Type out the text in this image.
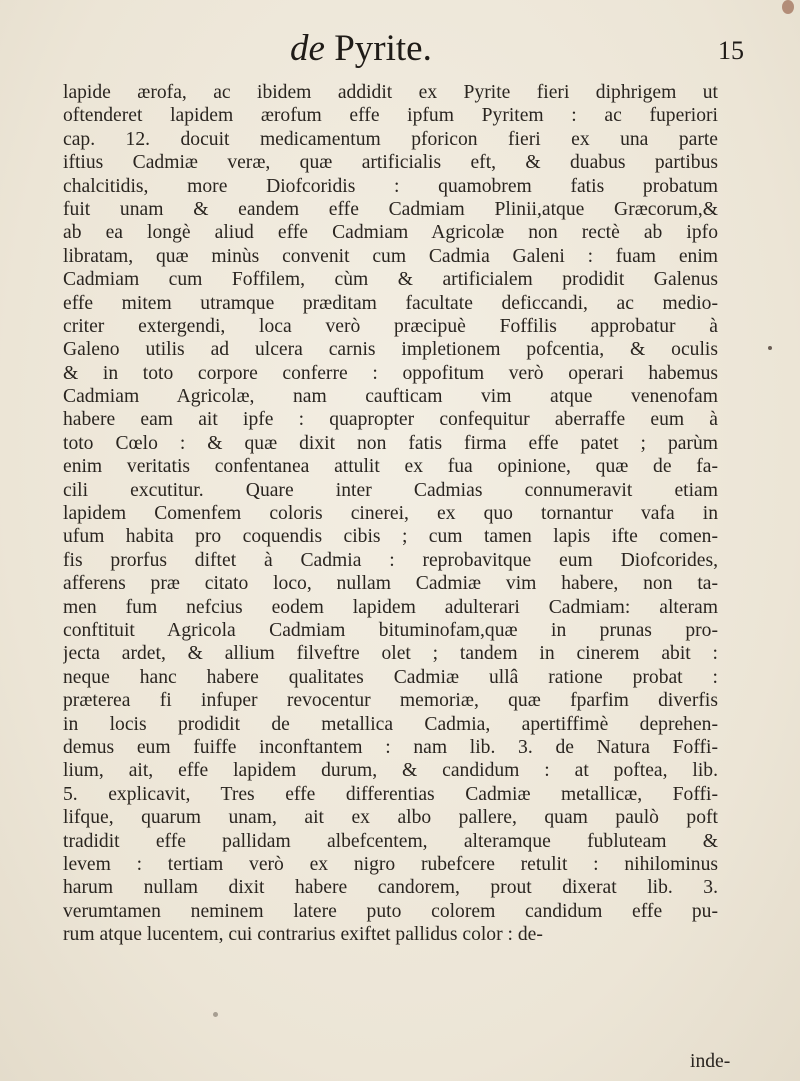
de Pyrite.	15
lapide ærofa, ac ibidem addidit ex Pyrite fieri diphrigem ut
oftenderet lapidem ærofum effe ipfum Pyritem : ac fuperiori
cap. 12. docuit medicamentum pforicon fieri ex una parte
iftius Cadmiæ veræ, quæ artificialis eft, & duabus partibus
chalcitidis, more Diofcoridis : quamobrem fatis probatum
fuit unam & eandem effe Cadmiam Plinii,atque Græcorum,&
ab ea longè aliud effe Cadmiam Agricolæ non rectè ab ipfo
libratam, quæ minùs convenit cum Cadmia Galeni : fuam enim
Cadmiam cum Foffilem, cùm & artificialem prodidit Galenus
effe mitem utramque præditam facultate deficcandi, ac medio-
criter extergendi, loca verò præcipuè Foffilis approbatur à
Galeno utilis ad ulcera carnis impletionem pofcentia, & oculis
& in toto corpore conferre : oppofitum verò operari habemus
Cadmiam Agricolæ, nam caufticam vim atque venenofam
habere eam ait ipfe : quapropter confequitur aberraffe eum à
toto Cœlo : & quæ dixit non fatis firma effe patet ; parùm
enim veritatis confentanea attulit ex fua opinione, quæ de fa-
cili excutitur. Quare inter Cadmias connumeravit etiam
lapidem Comenfem coloris cinerei, ex quo tornantur vafa in
ufum habita pro coquendis cibis ; cum tamen lapis ifte comen-
fis prorfus diftet à Cadmia : reprobavitque eum Diofcorides,
afferens præ citato loco, nullam Cadmiæ vim habere, non ta-
men fum nefcius eodem lapidem adulterari Cadmiam: alteram
conftituit Agricola Cadmiam bituminofam,quæ in prunas pro-
jecta ardet, & allium filveftre olet ; tandem in cinerem abit :
neque hanc habere qualitates Cadmiæ ullâ ratione probat :
præterea fi infuper revocentur memoriæ, quæ fparfim diverfis
in locis prodidit de metallica Cadmia, apertiffimè deprehen-
demus eum fuiffe inconftantem : nam lib. 3. de Natura Foffi-
lium, ait, effe lapidem durum, & candidum : at poftea, lib.
5. explicavit, Tres effe differentias Cadmiæ metallicæ, Foffi-
lifque, quarum unam, ait ex albo pallere, quam paulò poft
tradidit effe pallidam albefcentem, alteramque fubluteam &
levem : tertiam verò ex nigro rubefcere retulit : nihilominus
harum nullam dixit habere candorem, prout dixerat lib. 3.
verumtamen neminem latere puto colorem candidum effe pu-
rum atque lucentem, cui contrarius exiftet pallidus color : de-
inde-
